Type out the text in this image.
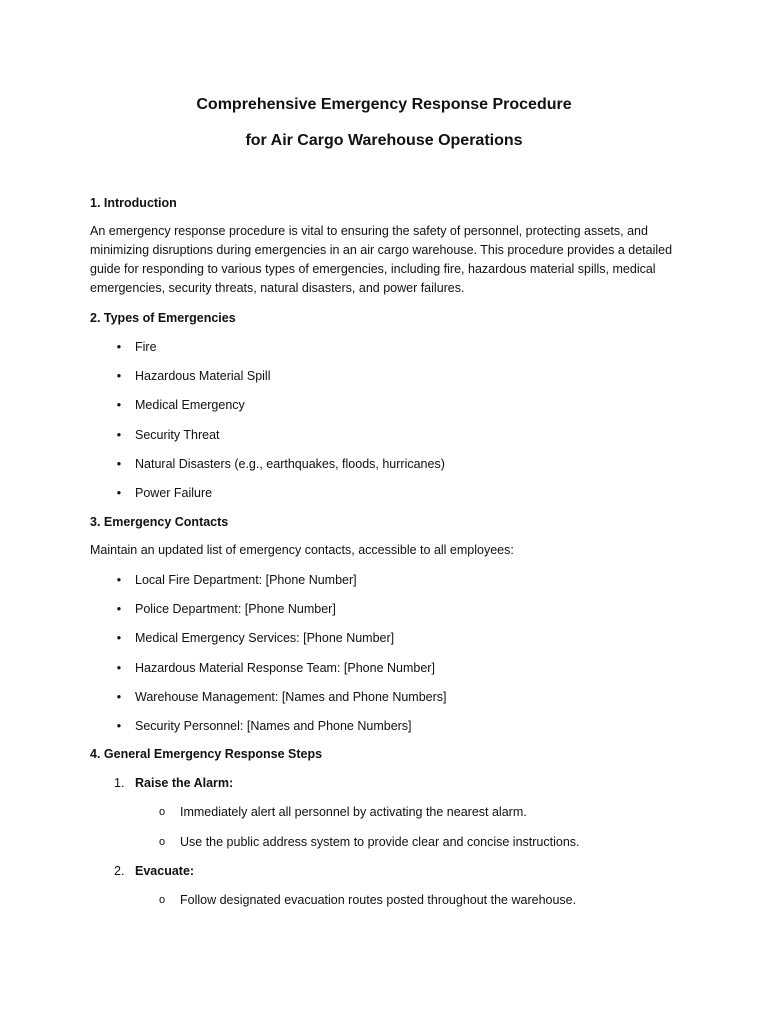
Comprehensive Emergency Response Procedure
for Air Cargo Warehouse Operations
1. Introduction

An emergency response procedure is vital to ensuring the safety of personnel, protecting assets, and minimizing disruptions during emergencies in an air cargo warehouse. This procedure provides a detailed guide for responding to various types of emergencies, including fire, hazardous material spills, medical emergencies, security threats, natural disasters, and power failures.

2. Types of Emergencies
• Fire
• Hazardous Material Spill
• Medical Emergency
• Security Threat
• Natural Disasters (e.g., earthquakes, floods, hurricanes)
• Power Failure
3. Emergency Contacts

Maintain an updated list of emergency contacts, accessible to all employees:

• Local Fire Department: [Phone Number]
• Police Department: [Phone Number]
• Medical Emergency Services: [Phone Number]
• Hazardous Material Response Team: [Phone Number]
• Warehouse Management: [Names and Phone Numbers]
• Security Personnel: [Names and Phone Numbers]
4. General Emergency Response Steps
1. Raise the Alarm:
o Immediately alert all personnel by activating the nearest alarm.
o Use the public address system to provide clear and concise instructions.
2. Evacuate:
o Follow designated evacuation routes posted throughout the warehouse.
